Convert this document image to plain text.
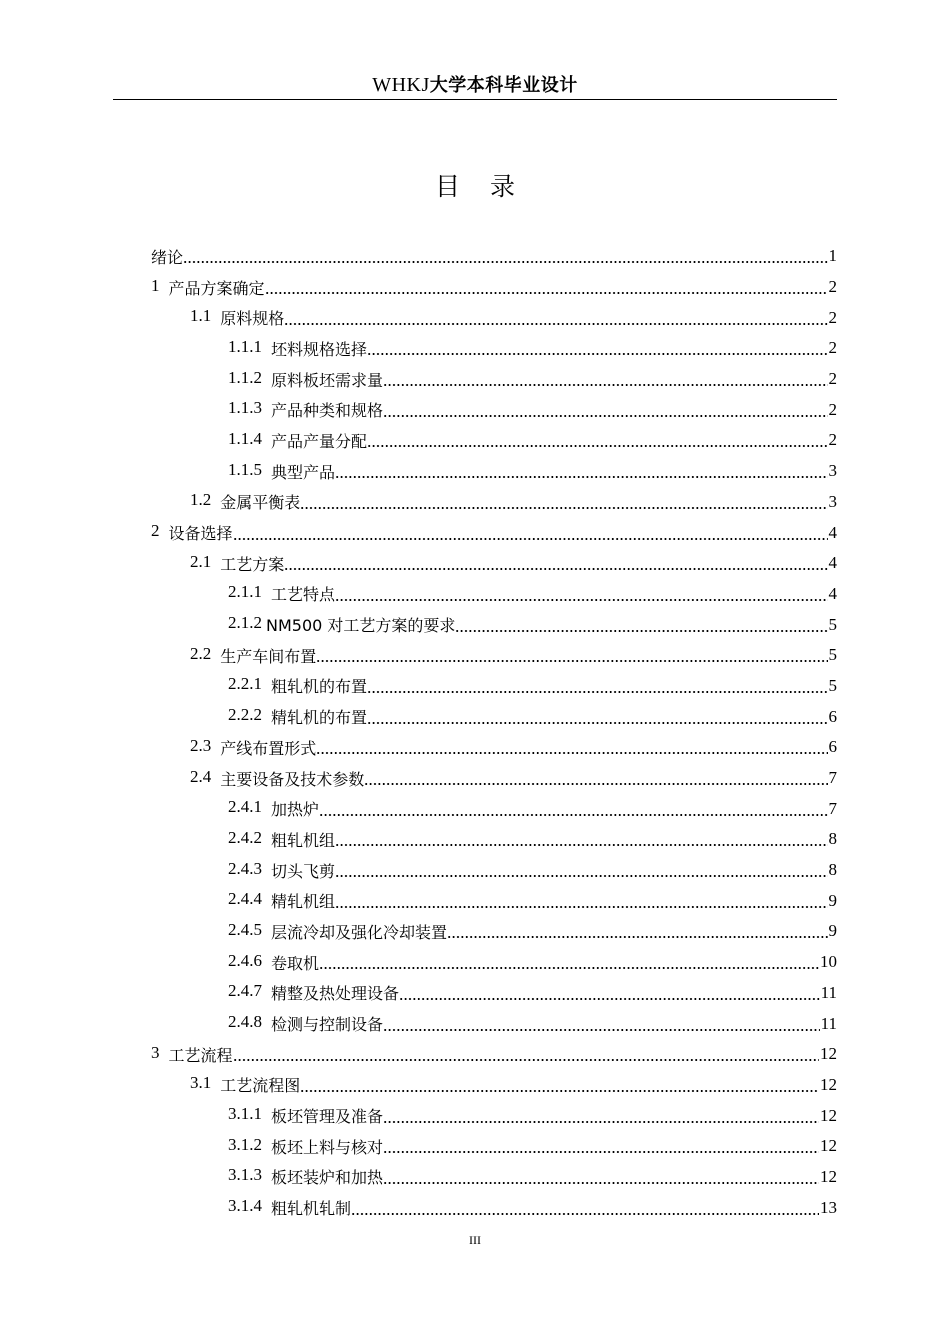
WHKJ大学本科毕业设计
目录
绪论	1
1 产品方案确定	2
1.1 原料规格	2
1.1.1 坯料规格选择	2
1.1.2 原料板坯需求量	2
1.1.3 产品种类和规格	2
1.1.4 产品产量分配	2
1.1.5 典型产品	3
1.2 金属平衡表	3
2 设备选择	4
2.1 工艺方案	4
2.1.1 工艺特点	4
2.1.2 NM500 对工艺方案的要求	5
2.2 生产车间布置	5
2.2.1 粗轧机的布置	5
2.2.2 精轧机的布置	6
2.3 产线布置形式	6
2.4 主要设备及技术参数	7
2.4.1 加热炉	7
2.4.2 粗轧机组	8
2.4.3 切头飞剪	8
2.4.4 精轧机组	9
2.4.5 层流冷却及强化冷却装置	9
2.4.6 卷取机	10
2.4.7 精整及热处理设备	11
2.4.8 检测与控制设备	11
3 工艺流程	12
3.1 工艺流程图	12
3.1.1 板坯管理及准备	12
3.1.2 板坯上料与核对	12
3.1.3 板坯装炉和加热	12
3.1.4 粗轧机轧制	13
III
